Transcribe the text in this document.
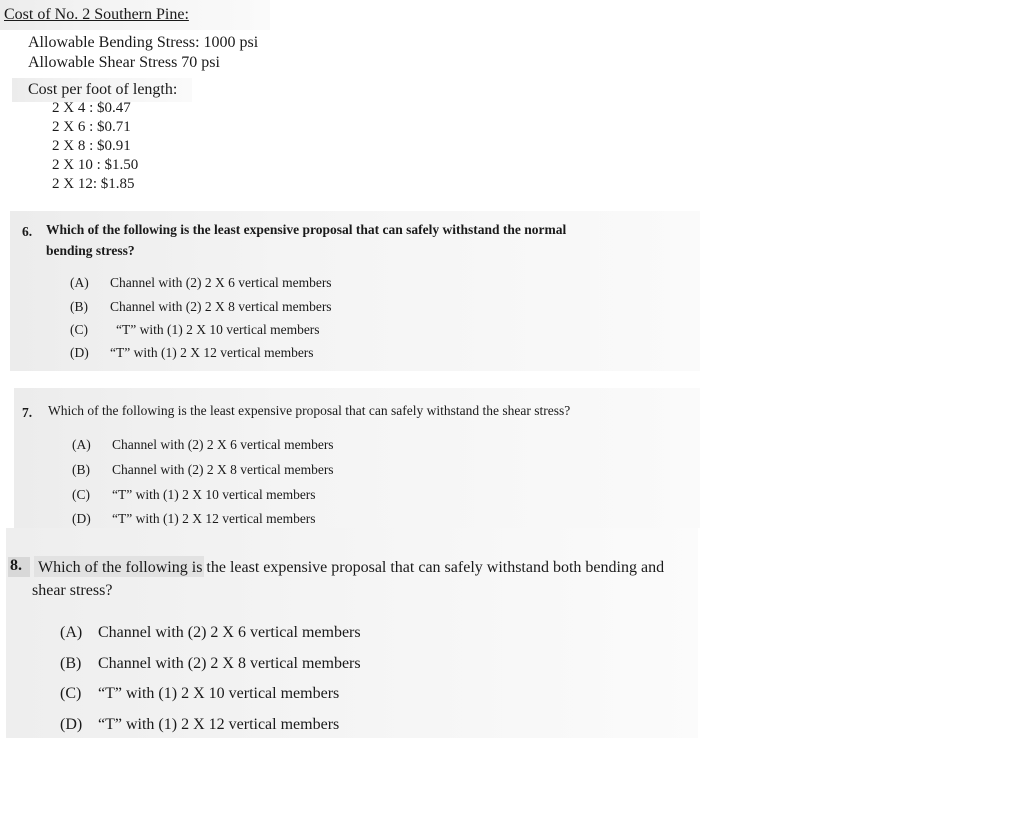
Cost of No. 2 Southern Pine:
Allowable Bending Stress: 1000 psi
Allowable Shear Stress 70 psi
Cost per foot of length:
2 X 4 : $0.47
2 X 6 : $0.71
2 X 8 : $0.91
2 X 10 : $1.50
2 X 12: $1.85
6. Which of the following is the least expensive proposal that can safely withstand the normal
bending stress?
(A)	Channel with (2) 2 X 6 vertical members
(B)	Channel with (2) 2 X 8 vertical members
(C)	“T” with (1) 2 X 10 vertical members
(D)	“T” with (1) 2 X 12 vertical members
7. Which of the following is the least expensive proposal that can safely withstand the shear stress?
(A)	Channel with (2) 2 X 6 vertical members
(B)	Channel with (2) 2 X 8 vertical members
(C)	“T” with (1) 2 X 10 vertical members
(D)	“T” with (1) 2 X 12 vertical members
8. Which of the following is the least expensive proposal that can safely withstand both bending and
shear stress?
(A) Channel with (2) 2 X 6 vertical members
(B)	Channel with (2) 2 X 8 vertical members
(C)	“T” with (1) 2 X 10 vertical members
(D) “T” with (1) 2 X 12 vertical members
